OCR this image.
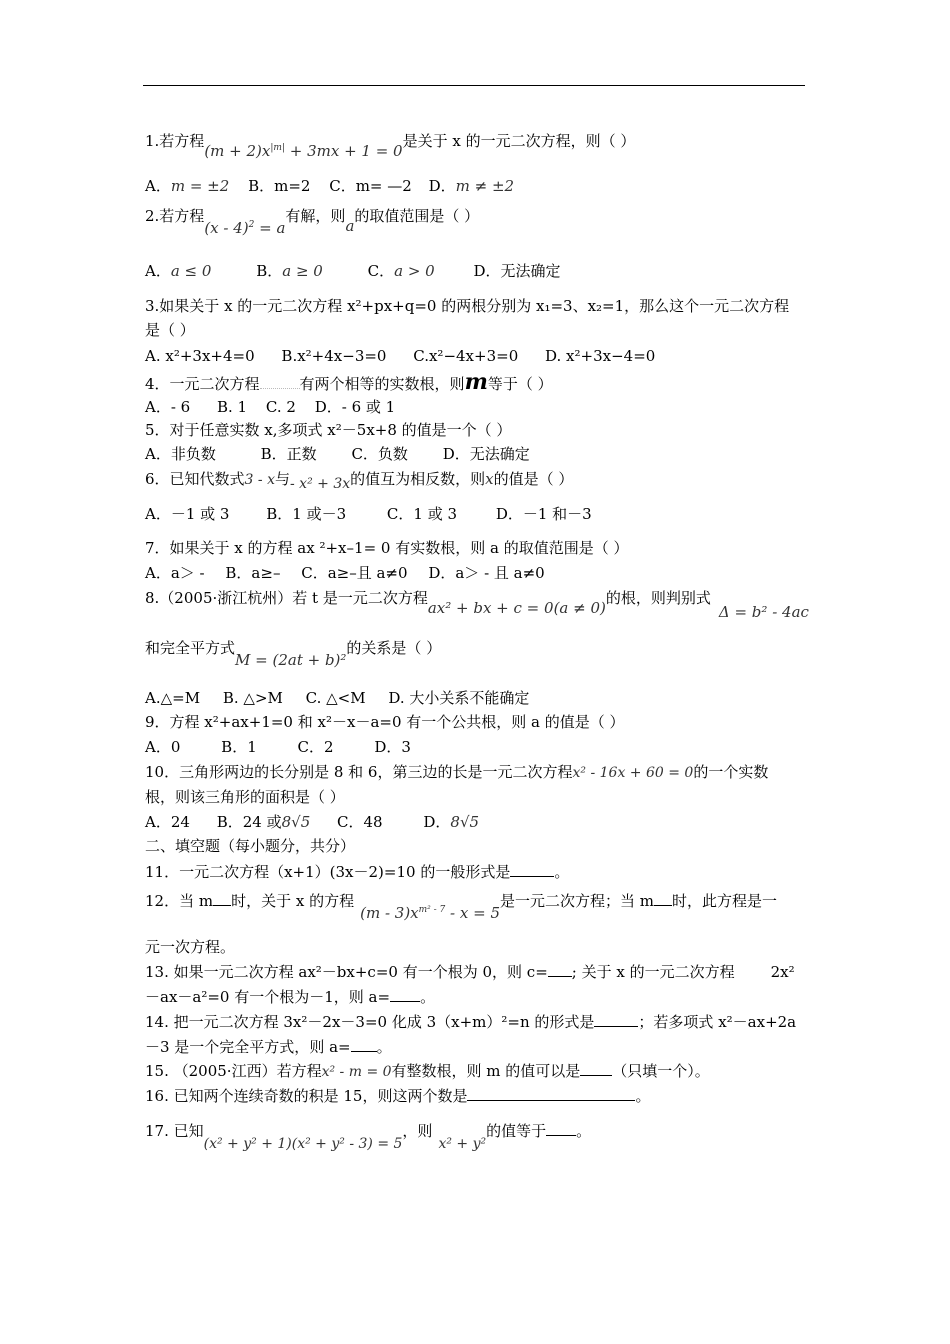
1.若方程$(m + 2)x^{|m|} + 3mx + 1 = 0$是关于 x 的一元二次方程，则（ ）
A．m = ±2 B．m=2 C．m= —2 D．m ≠ ±2
2.若方程(x - 4)$^2$ = a有解，则a的取值范围是（ ）
A．a ≤ 0	B．a ≥ 0	C．a > 0	D．无法确定
3.如果关于 x 的一元二次方程 x²+px+q=0 的两根分别为 x₁=3、x₂=1，那么这个一元二次方程
是（ ）
A. x²+3x+4=0 B.x²+4x−3=0 C.x²−4x+3=0 D. x²+3x−4=0
4．一元二次方程	有两个相等的实数根，则m等于（ ）
A．- 6 B. 1 C. 2 D．- 6 或 1
5．对于任意实数 x,多项式 x²－5x+8 的值是一个（ ）
A．非负数	B．正数 C．负数 D．无法确定
6．已知代数式3 - x与- x² + 3x的值互为相反数，则x的值是（ ）
A．－1 或 3 B．1 或－3	C．1 或 3	D．－1 和－3
7．如果关于 x 的方程 ax ²+x–1= 0 有实数根，则 a 的取值范围是（ ）
A．a＞ - B．a≥– C．a≥–且 a≠0 D．a＞ - 且 a≠0
8.（2005·浙江杭州）若 t 是一元二次方程ax² + bx + c = 0(a ≠ 0)的根，则判别式Δ = b² - 4ac
和完全平方式M = (2at + b)²的关系是（ ）
A.△=M B. △>M C. △<M D. 大小关系不能确定
9．方程 x²+ax+1=0 和 x²－x－a=0 有一个公共根，则 a 的值是（ ）
A．0	B．1	C．2	D．3
10．三角形两边的长分别是 8 和 6，第三边的长是一元二次方程x² - 16x + 60 = 0的一个实数
根，则该三角形的面积是（ ）
A．24 B．24 或8√5 C．48	D．8√5
二、填空题（每小题分，共分）
11．一元二次方程（x+1）(3x－2)=10 的一般形式是	。
12．当 m 时，关于 x 的方程$(m - 3)x^{m^2 - 7} - x = 5$是一元二次方程；当 m 时，此方程是一
元一次方程。
13. 如果一元二次方程 ax²－bx+c=0 有一个根为 0，则 c= ; 关于 x 的一元二次方程 2x²
－ax－a²=0 有一个根为－1，则 a= 。
14. 把一元二次方程 3x²－2x－3=0 化成 3（x+m）²=n 的形式是	；若多项式 x²－ax+2a
－3 是一个完全平方式，则 a= 。
15. （2005·江西）若方程x² - m = 0有整数根，则 m 的值可以是 （只填一个）。
16. 已知两个连续奇数的积是 15，则这两个数是	。
17. 已知(x² + y² + 1)(x² + y² - 3) = 5，则x² + y²的值等于 。
